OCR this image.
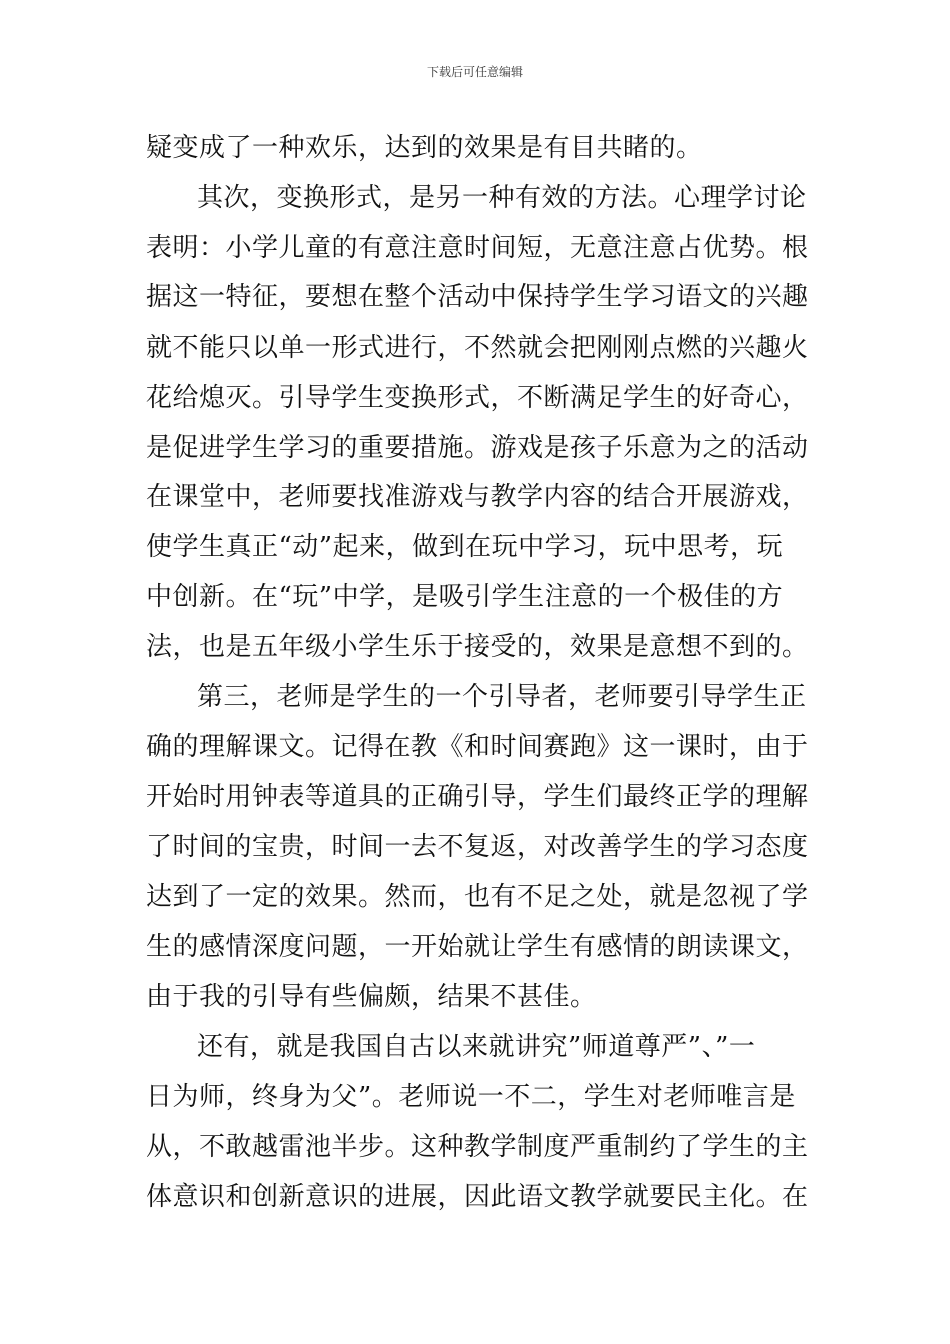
下载后可任意编辑
疑变成了一种欢乐，达到的效果是有目共睹的。
其次，变换形式，是另一种有效的方法。心理学讨论
表明：小学儿童的有意注意时间短，无意注意占优势。根
据这一特征，要想在整个活动中保持学生学习语文的兴趣
就不能只以单一形式进行，不然就会把刚刚点燃的兴趣火
花给熄灭。引导学生变换形式，不断满足学生的好奇心，
是促进学生学习的重要措施。游戏是孩子乐意为之的活动
在课堂中，老师要找准游戏与教学内容的结合开展游戏，
使学生真正“动”起来，做到在玩中学习，玩中思考，玩
中创新。在“玩”中学，是吸引学生注意的一个极佳的方
法，也是五年级小学生乐于接受的，效果是意想不到的。
第三，老师是学生的一个引导者，老师要引导学生正
确的理解课文。记得在教《和时间赛跑》这一课时，由于
开始时用钟表等道具的正确引导，学生们最终正学的理解
了时间的宝贵，时间一去不复返，对改善学生的学习态度
达到了一定的效果。然而，也有不足之处，就是忽视了学
生的感情深度问题，一开始就让学生有感情的朗读课文，
由于我的引导有些偏颇，结果不甚佳。
还有，就是我国自古以来就讲究”师道尊严”、”一
日为师，终身为父”。老师说一不二，学生对老师唯言是
从，不敢越雷池半步。这种教学制度严重制约了学生的主
体意识和创新意识的进展，因此语文教学就要民主化。在
